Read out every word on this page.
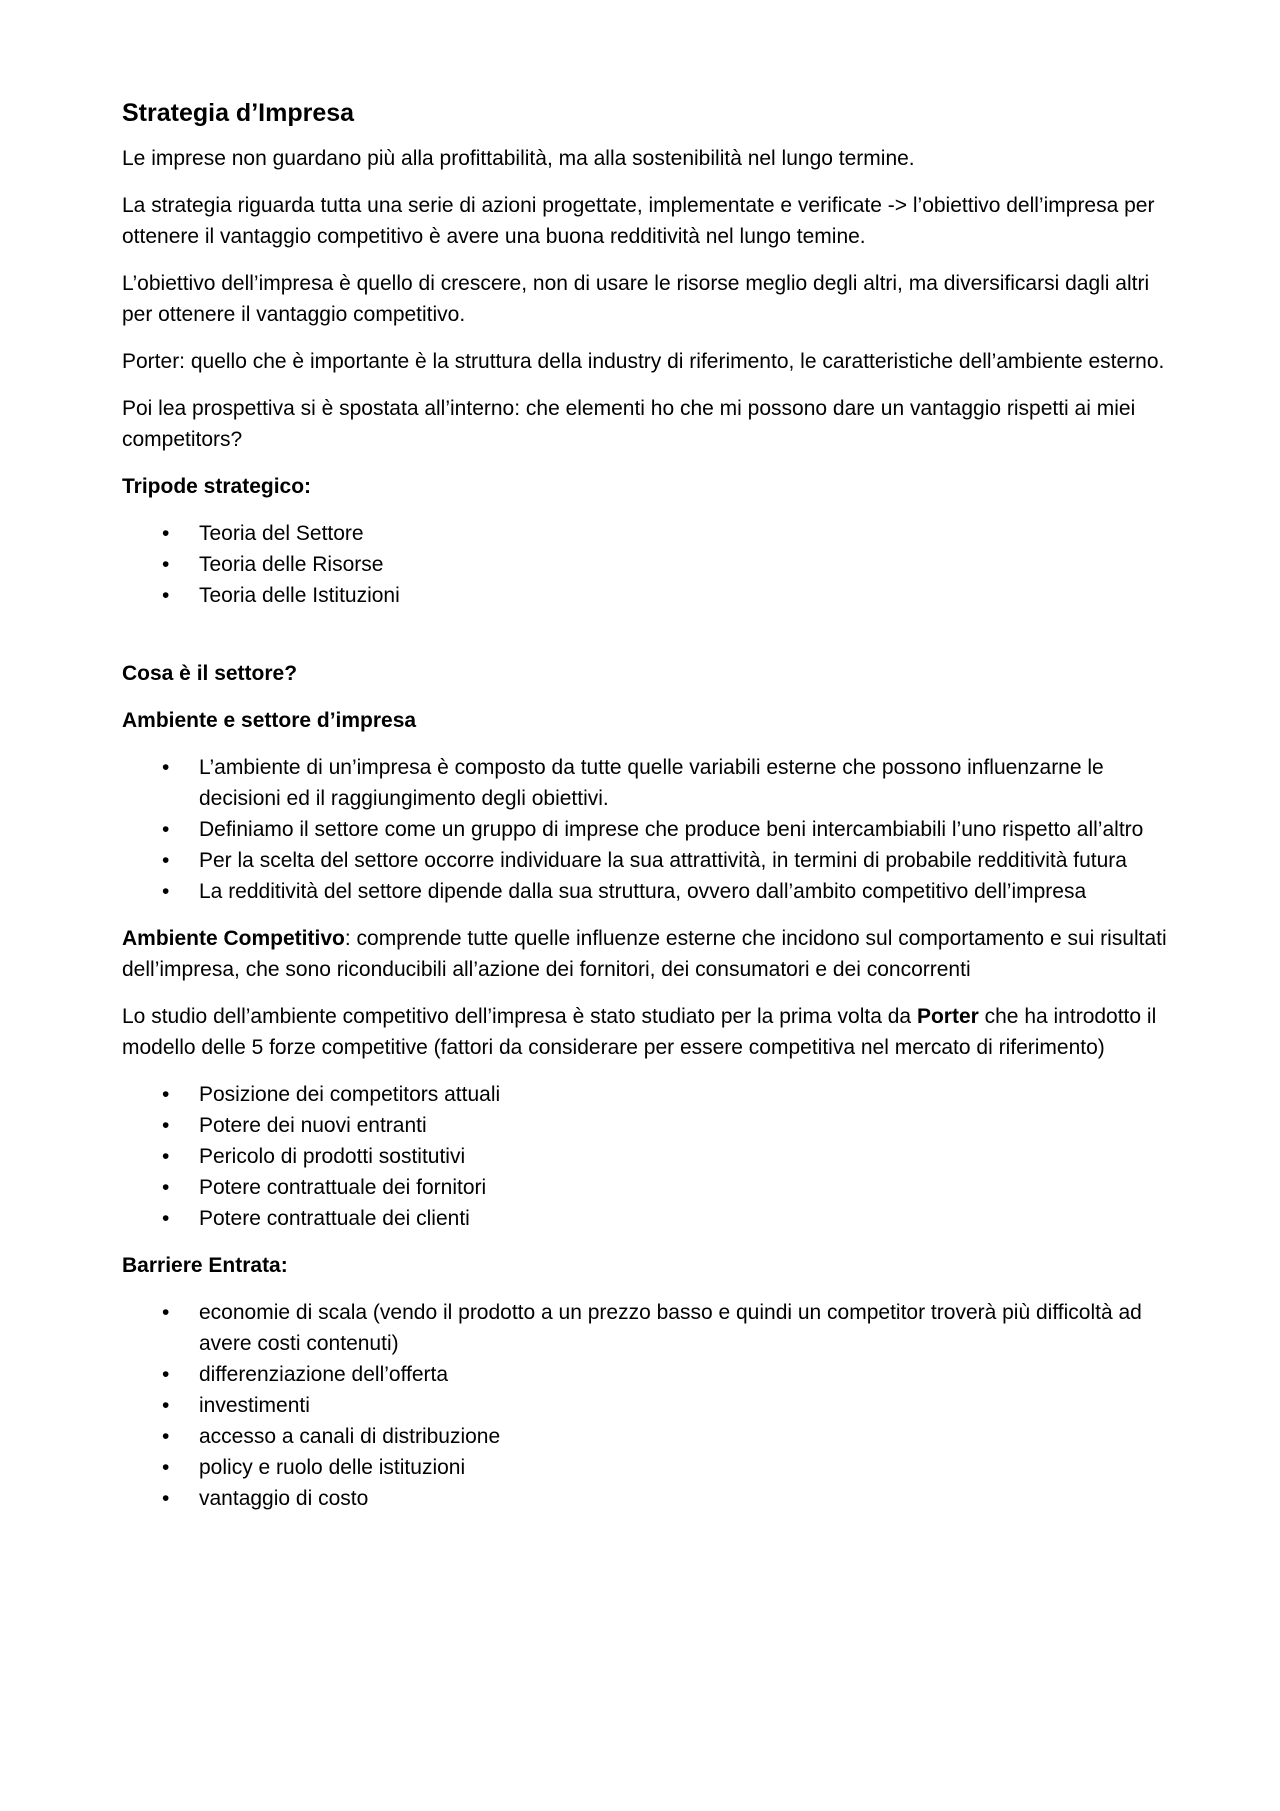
Strategia d’Impresa

Le imprese non guardano più alla profittabilità, ma alla sostenibilità nel lungo termine.

La strategia riguarda tutta una serie di azioni progettate, implementate e verificate -> l’obiettivo dell’impresa per ottenere il vantaggio competitivo è avere una buona redditività nel lungo temine.

L’obiettivo dell’impresa è quello di crescere, non di usare le risorse meglio degli altri, ma diversificarsi dagli altri per ottenere il vantaggio competitivo.

Porter: quello che è importante è la struttura della industry di riferimento, le caratteristiche dell’ambiente esterno.

Poi lea prospettiva si è spostata all’interno: che elementi ho che mi possono dare un vantaggio rispetti ai miei competitors?

Tripode strategico:

• Teoria del Settore
• Teoria delle Risorse
• Teoria delle Istituzioni

Cosa è il settore?

Ambiente e settore d’impresa

• L’ambiente di un’impresa è composto da tutte quelle variabili esterne che possono influenzarne le decisioni ed il raggiungimento degli obiettivi.
• Definiamo il settore come un gruppo di imprese che produce beni intercambiabili l’uno rispetto all’altro
• Per la scelta del settore occorre individuare la sua attrattività, in termini di probabile redditività futura
• La redditività del settore dipende dalla sua struttura, ovvero dall’ambito competitivo dell’impresa

Ambiente Competitivo: comprende tutte quelle influenze esterne che incidono sul comportamento e sui risultati dell’impresa, che sono riconducibili all’azione dei fornitori, dei consumatori e dei concorrenti

Lo studio dell’ambiente competitivo dell’impresa è stato studiato per la prima volta da Porter che ha introdotto il modello delle 5 forze competitive (fattori da considerare per essere competitiva nel mercato di riferimento)

• Posizione dei competitors attuali
• Potere dei nuovi entranti
• Pericolo di prodotti sostitutivi
• Potere contrattuale dei fornitori
• Potere contrattuale dei clienti

Barriere Entrata:

• economie di scala (vendo il prodotto a un prezzo basso e quindi un competitor troverà più difficoltà ad avere costi contenuti)
• differenziazione dell’offerta
• investimenti
• accesso a canali di distribuzione
• policy e ruolo delle istituzioni
• vantaggio di costo
